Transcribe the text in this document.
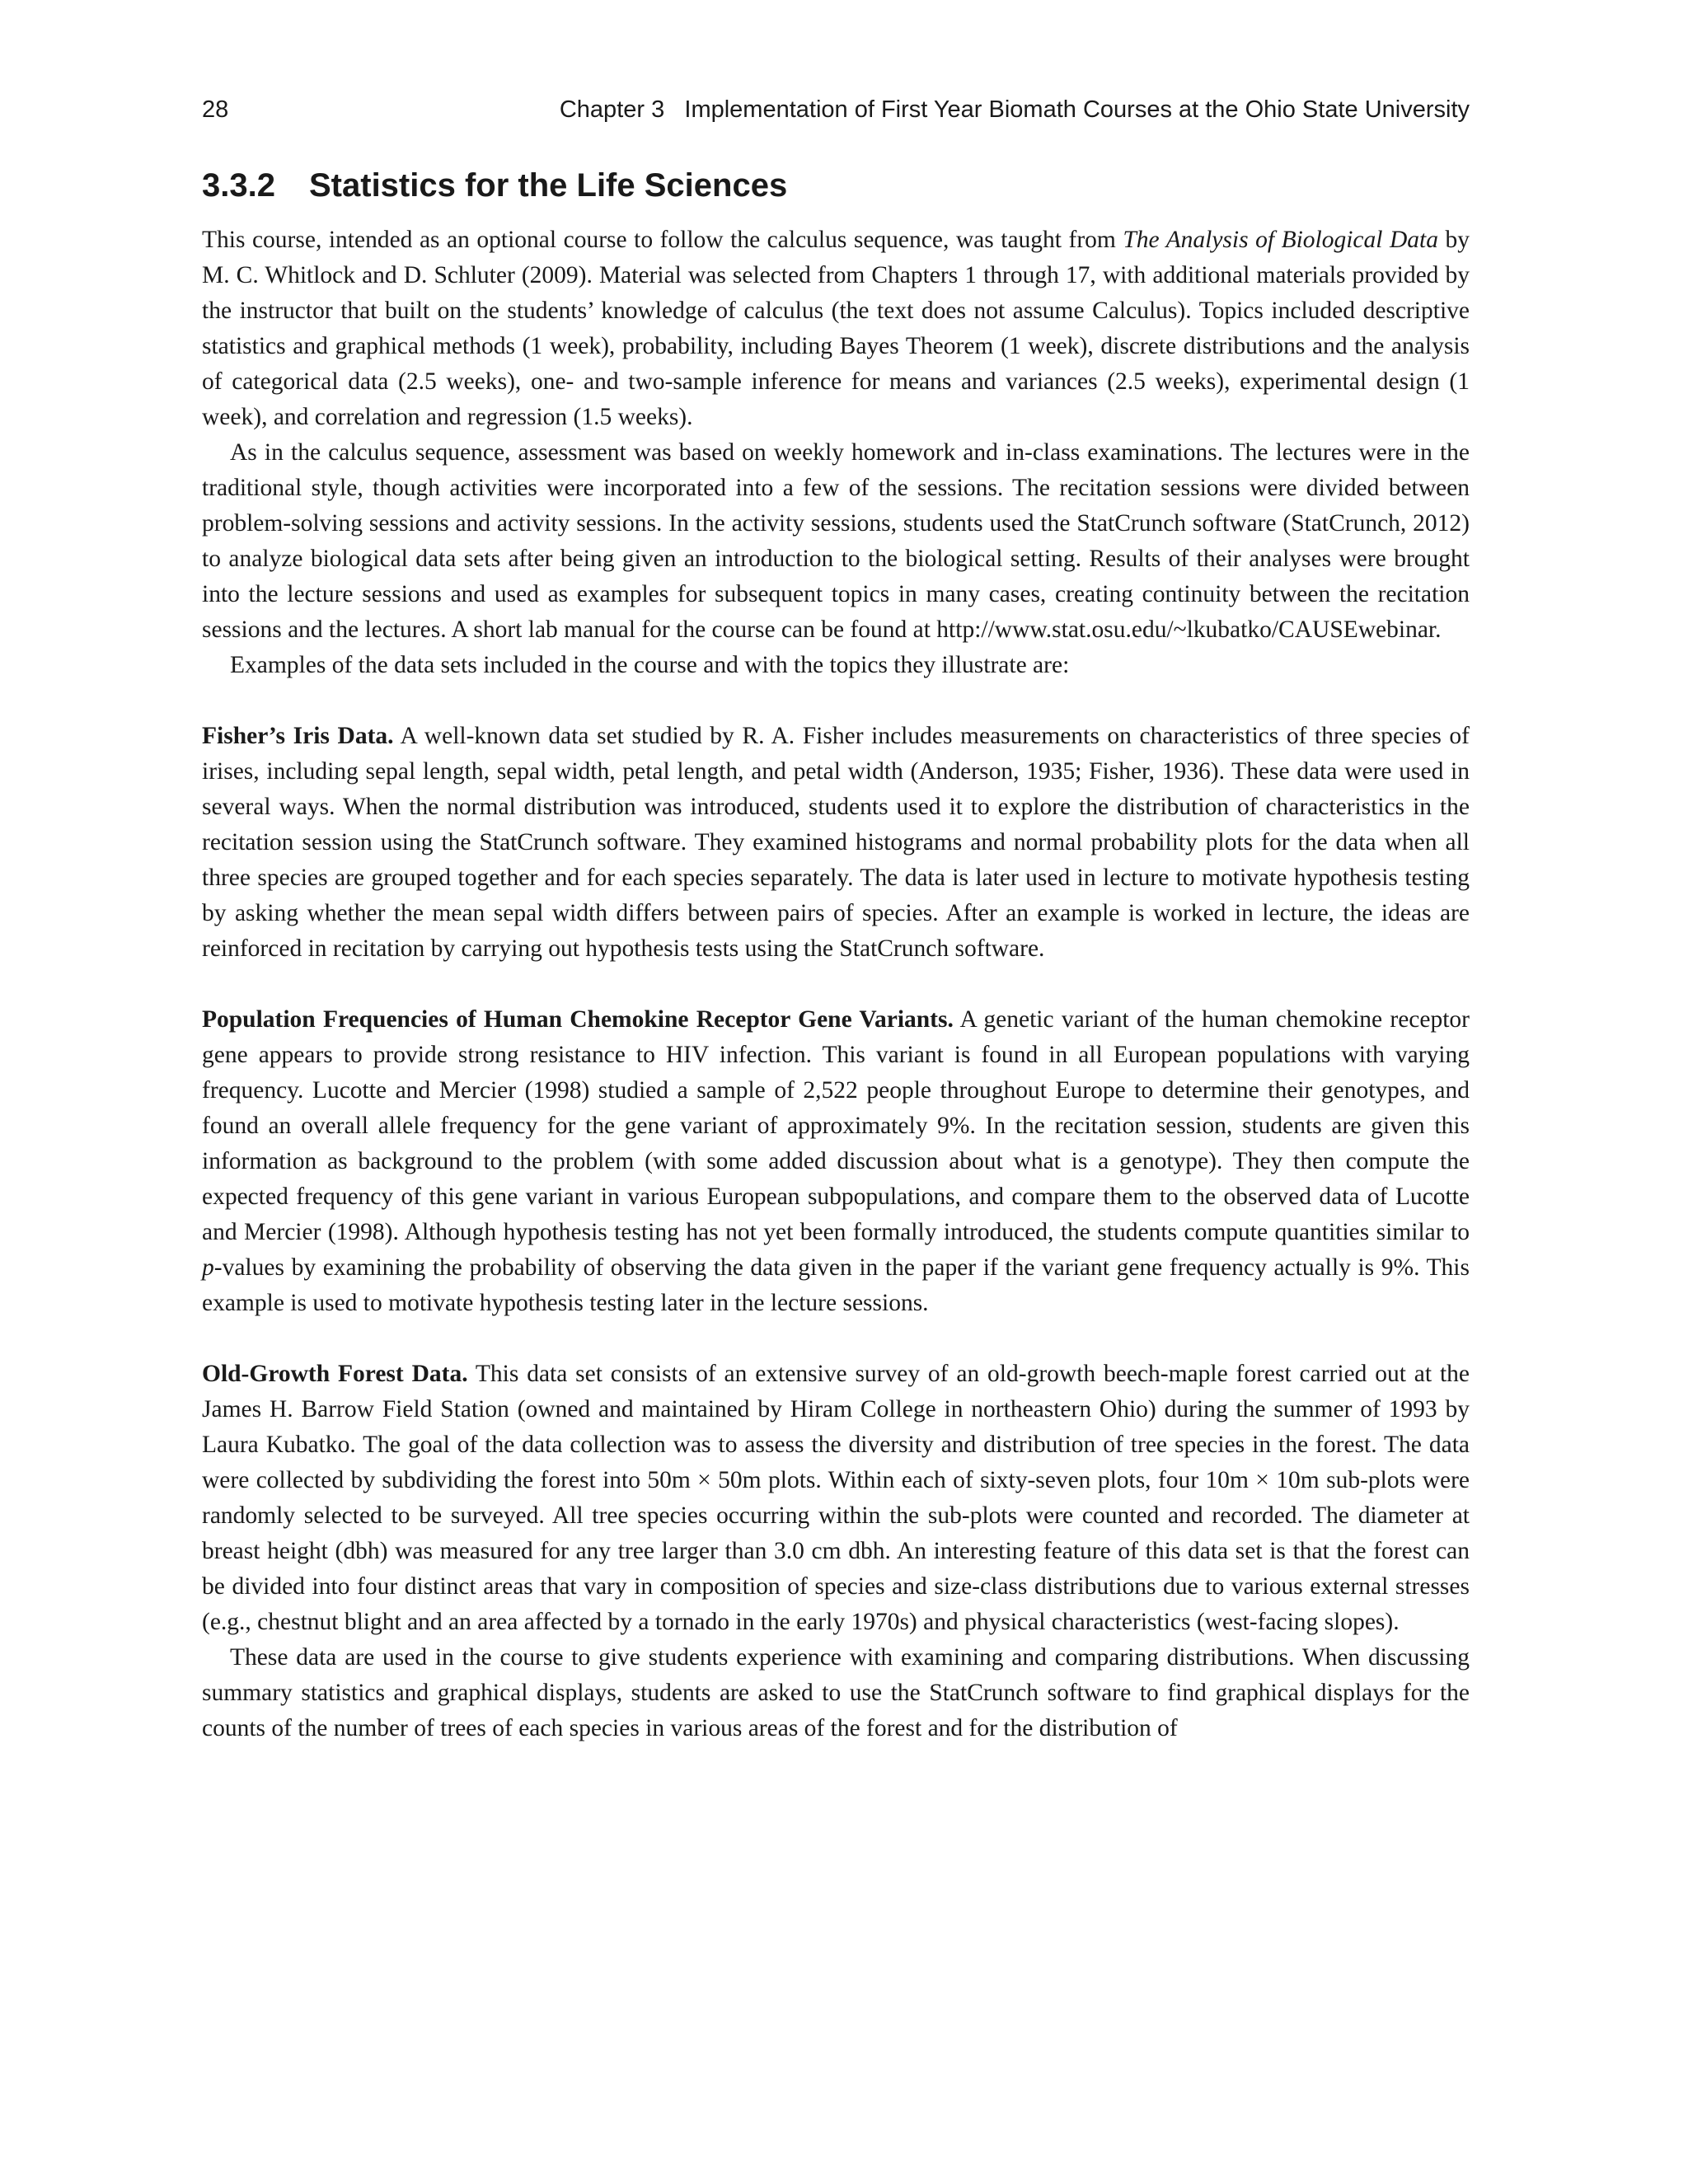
28	Chapter 3   Implementation of First Year Biomath Courses at the Ohio State University
3.3.2 Statistics for the Life Sciences

This course, intended as an optional course to follow the calculus sequence, was taught from The Analysis of Biological Data by M. C. Whitlock and D. Schluter (2009). Material was selected from Chapters 1 through 17, with additional materials provided by the instructor that built on the students’ knowledge of calculus (the text does not assume Calculus). Topics included descriptive statistics and graphical methods (1 week), probability, including Bayes Theorem (1 week), discrete distributions and the analysis of categorical data (2.5 weeks), one- and two-sample inference for means and variances (2.5 weeks), experimental design (1 week), and correlation and regression (1.5 weeks).

As in the calculus sequence, assessment was based on weekly homework and in-class examinations. The lectures were in the traditional style, though activities were incorporated into a few of the sessions. The recitation sessions were divided between problem-solving sessions and activity sessions. In the activity sessions, students used the StatCrunch software (StatCrunch, 2012) to analyze biological data sets after being given an introduction to the biological setting. Results of their analyses were brought into the lecture sessions and used as examples for subsequent topics in many cases, creating continuity between the recitation sessions and the lectures. A short lab manual for the course can be found at http://www.stat.osu.edu/~lkubatko/CAUSEwebinar.

Examples of the data sets included in the course and with the topics they illustrate are:

Fisher’s Iris Data. A well-known data set studied by R. A. Fisher includes measurements on characteristics of three species of irises, including sepal length, sepal width, petal length, and petal width (Anderson, 1935; Fisher, 1936). These data were used in several ways. When the normal distribution was introduced, students used it to explore the distribution of characteristics in the recitation session using the StatCrunch software. They examined histograms and normal probability plots for the data when all three species are grouped together and for each species separately. The data is later used in lecture to motivate hypothesis testing by asking whether the mean sepal width differs between pairs of species. After an example is worked in lecture, the ideas are reinforced in recitation by carrying out hypothesis tests using the StatCrunch software.

Population Frequencies of Human Chemokine Receptor Gene Variants. A genetic variant of the human chemokine receptor gene appears to provide strong resistance to HIV infection. This variant is found in all European populations with varying frequency. Lucotte and Mercier (1998) studied a sample of 2,522 people throughout Europe to determine their genotypes, and found an overall allele frequency for the gene variant of approximately 9%. In the recitation session, students are given this information as background to the problem (with some added discussion about what is a genotype). They then compute the expected frequency of this gene variant in various European subpopulations, and compare them to the observed data of Lucotte and Mercier (1998). Although hypothesis testing has not yet been formally introduced, the students compute quantities similar to p-values by examining the probability of observing the data given in the paper if the variant gene frequency actually is 9%. This example is used to motivate hypothesis testing later in the lecture sessions.

Old-Growth Forest Data. This data set consists of an extensive survey of an old-growth beech-maple forest carried out at the James H. Barrow Field Station (owned and maintained by Hiram College in northeastern Ohio) during the summer of 1993 by Laura Kubatko. The goal of the data collection was to assess the diversity and distribution of tree species in the forest. The data were collected by subdividing the forest into 50m × 50m plots. Within each of sixty-seven plots, four 10m × 10m sub-plots were randomly selected to be surveyed. All tree species occurring within the sub-plots were counted and recorded. The diameter at breast height (dbh) was measured for any tree larger than 3.0 cm dbh. An interesting feature of this data set is that the forest can be divided into four distinct areas that vary in composition of species and size-class distributions due to various external stresses (e.g., chestnut blight and an area affected by a tornado in the early 1970s) and physical characteristics (west-facing slopes).

These data are used in the course to give students experience with examining and comparing distributions. When discussing summary statistics and graphical displays, students are asked to use the StatCrunch software to find graphical displays for the counts of the number of trees of each species in various areas of the forest and for the distribution of
